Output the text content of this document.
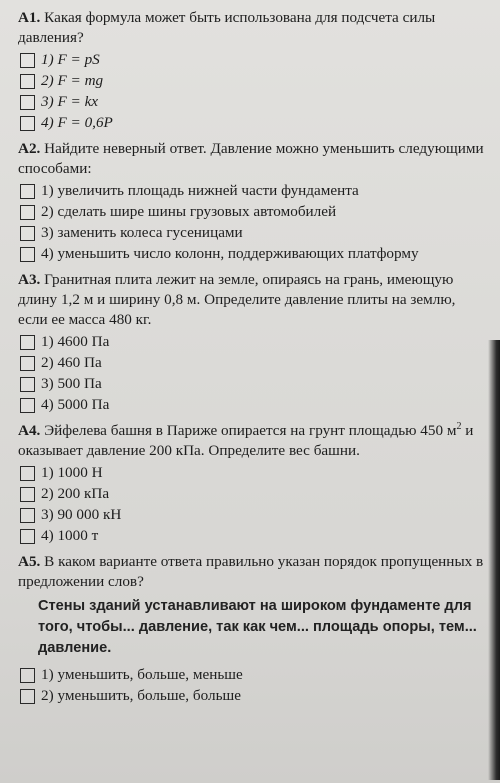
А1. Какая формула может быть использована для подсчета силы давления?

1) F = pS
2) F = mg
3) F = kx
4) F = 0,6P

А2. Найдите неверный ответ. Давление можно уменьшить следующими способами:

1) увеличить площадь нижней части фундамента
2) сделать шире шины грузовых автомобилей
3) заменить колеса гусеницами
4) уменьшить число колонн, поддерживающих платформу

А3. Гранитная плита лежит на земле, опираясь на грань, имеющую длину 1,2 м и ширину 0,8 м. Определите давление плиты на землю, если ее масса 480 кг.

1) 4600 Па
2) 460 Па
3) 500 Па
4) 5000 Па

А4. Эйфелева башня в Париже опирается на грунт площадью 450 $м^2$ и оказывает давление 200 кПа. Определите вес башни.

1) 1000 Н
2) 200 кПа
3) 90 000 кН
4) 1000 т

А5. В каком варианте ответа правильно указан порядок пропущенных в предложении слов?

Стены зданий устанавливают на широком фундаменте для того, чтобы... давление, так как чем... площадь опоры, тем... давление.
1) уменьшить, больше, меньше
2) уменьшить, больше, больше
